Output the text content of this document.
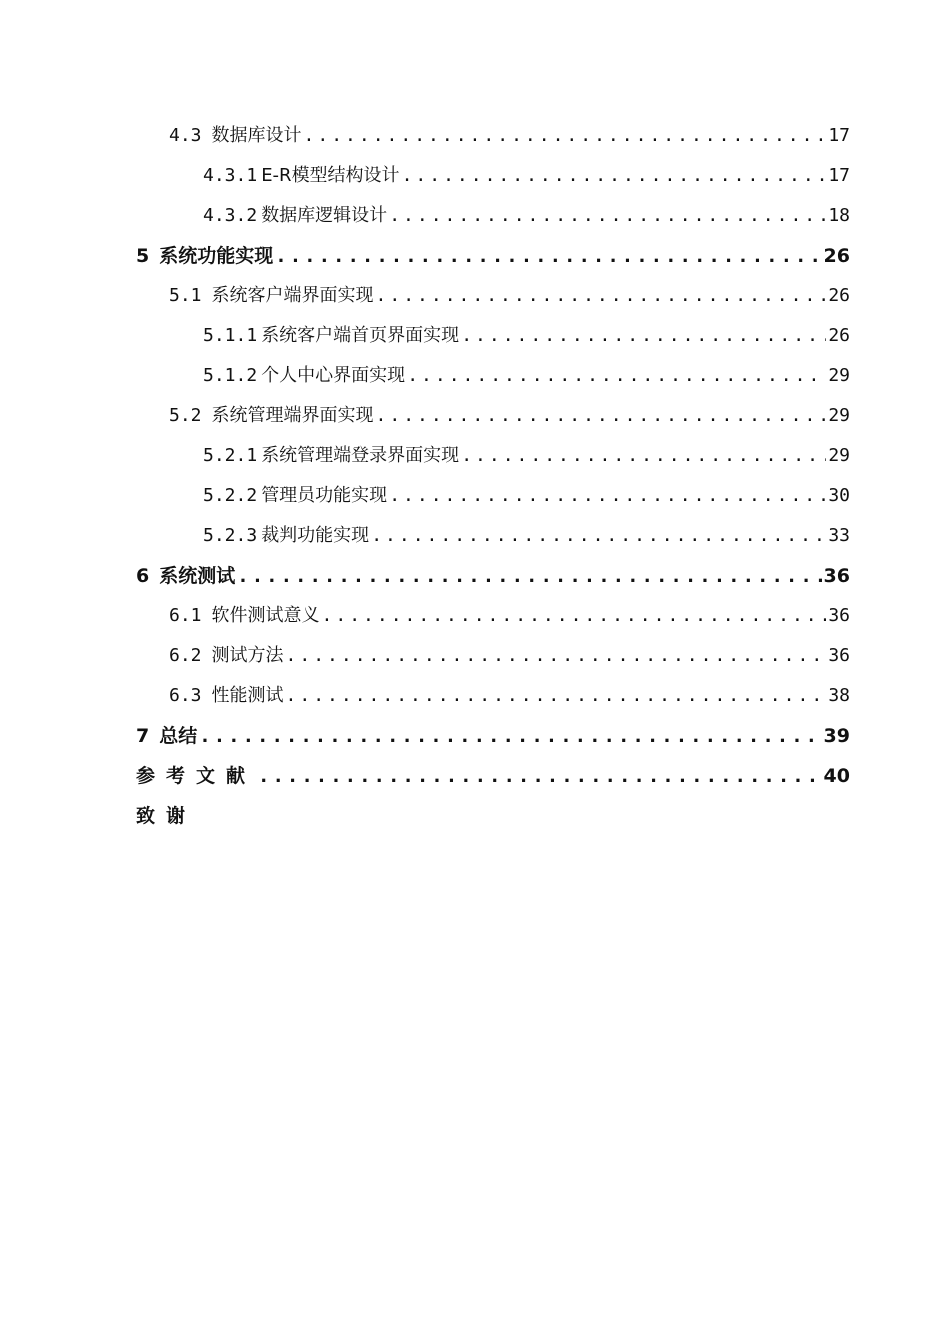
4.3 数据库设计 .....	17
4.3.1 E-R模型结构设计 .....	17
4.3.2 数据库逻辑设计 .....	18
5 系统功能实现 .....	26
5.1 系统客户端界面实现 .....	26
5.1.1 系统客户端首页界面实现 .....	26
5.1.2 个人中心界面实现 .....	29
5.2 系统管理端界面实现 .....	29
5.2.1 系统管理端登录界面实现 .....	29
5.2.2 管理员功能实现 .....	30
5.2.3 裁判功能实现 .....	33
6 系统测试 .....	36
6.1 软件测试意义 .....	36
6.2 测试方法 .....	36
6.3 性能测试 .....	38
7 总结 .....	39
参考文献 .....	40
致谢
